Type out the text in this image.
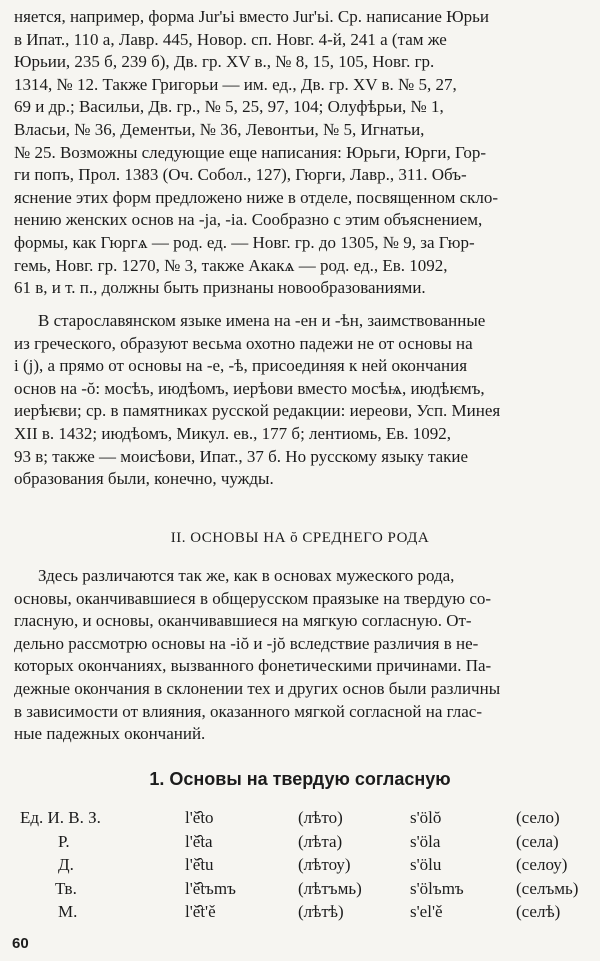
няется, например, форма Jur'ьi вместо Jur'ьi. Ср. написание Юрьи
в Ипат., 110 а, Лавр. 445, Новор. сп. Новг. 4-й, 241 а (там же
Юрьии, 235 б, 239 б), Дв. гр. XV в., № 8, 15, 105, Новг. гр.
1314, № 12. Также Григорьи — им. ед., Дв. гр. XV в. № 5, 27,
69 и др.; Васильи, Дв. гр., № 5, 25, 97, 104; Олуфѣрьи, № 1,
Власьи, № 36, Дементьи, № 36, Левонтьи, № 5, Игнатьи,
№ 25. Возможны следующие еще написания: Юрьги, Юрги, Гор-
ги попъ, Прол. 1383 (Оч. Собол., 127), Гюрги, Лавр., 311. Объ-
яснение этих форм предложено ниже в отделе, посвященном скло-
нению женских основ на -ja, -ia. Сообразно с этим объяснением,
формы, как Гюргѧ — род. ед. — Новг. гр. до 1305, № 9, за Гюр-
гемь, Новг. гр. 1270, № 3, также Акакѧ — род. ед., Ев. 1092,
61 в, и т. п., должны быть признаны новообразованиями.

В старославянском языке имена на -ен и -ѣн, заимствованные
из греческого, образуют весьма охотно падежи не от основы на
i (j), а прямо от основы на -e, -ѣ, присоединяя к ней окончания
основ на -ŏ: мосѣъ, июдѣомъ, иерѣови вместо мосѣѩ, июдѣѥмъ,
иерѣѥви; ср. в памятниках русской редакции: иереови, Усп. Минея
XII в. 1432; июдѣомъ, Микул. ев., 177 б; лентиомь, Ев. 1092,
93 в; также — моисѣови, Ипат., 37 б. Но русскому языку такие
образования были, конечно, чужды.

II. ОСНОВЫ НА ŏ СРЕДНЕГО РОДА

Здесь различаются так же, как в основах мужеского рода,
основы, оканчивавшиеся в общерусском праязыке на твердую со-
гласную, и основы, оканчивавшиеся на мягкую согласную. От-
дельно рассмотрю основы на -iŏ и -jŏ вследствие различия в не-
которых окончаниях, вызванного фонетическими причинами. Па-
дежные окончания в склонении тех и других основ были различны
в зависимости от влияния, оказанного мягкой согласной на глас-
ные падежных окончаний.

1. Основы на твердую согласную
Ед. И. В. З.	l'ě̂to	(лѣто)	s'ölŏ	(село)
Р.	l'ě̂ta	(лѣта)	s'öla	(села)
Д.	l'ě̂tu	(лѣтоу)	s'ölu	(селоу)
Тв.	l'ě̂tъmъ	(лѣтъмь)	s'ölъmъ	(селъмь)
М.	l'ě̂t'ě	(лѣтѣ)	s'el'ě	(селѣ)
60
